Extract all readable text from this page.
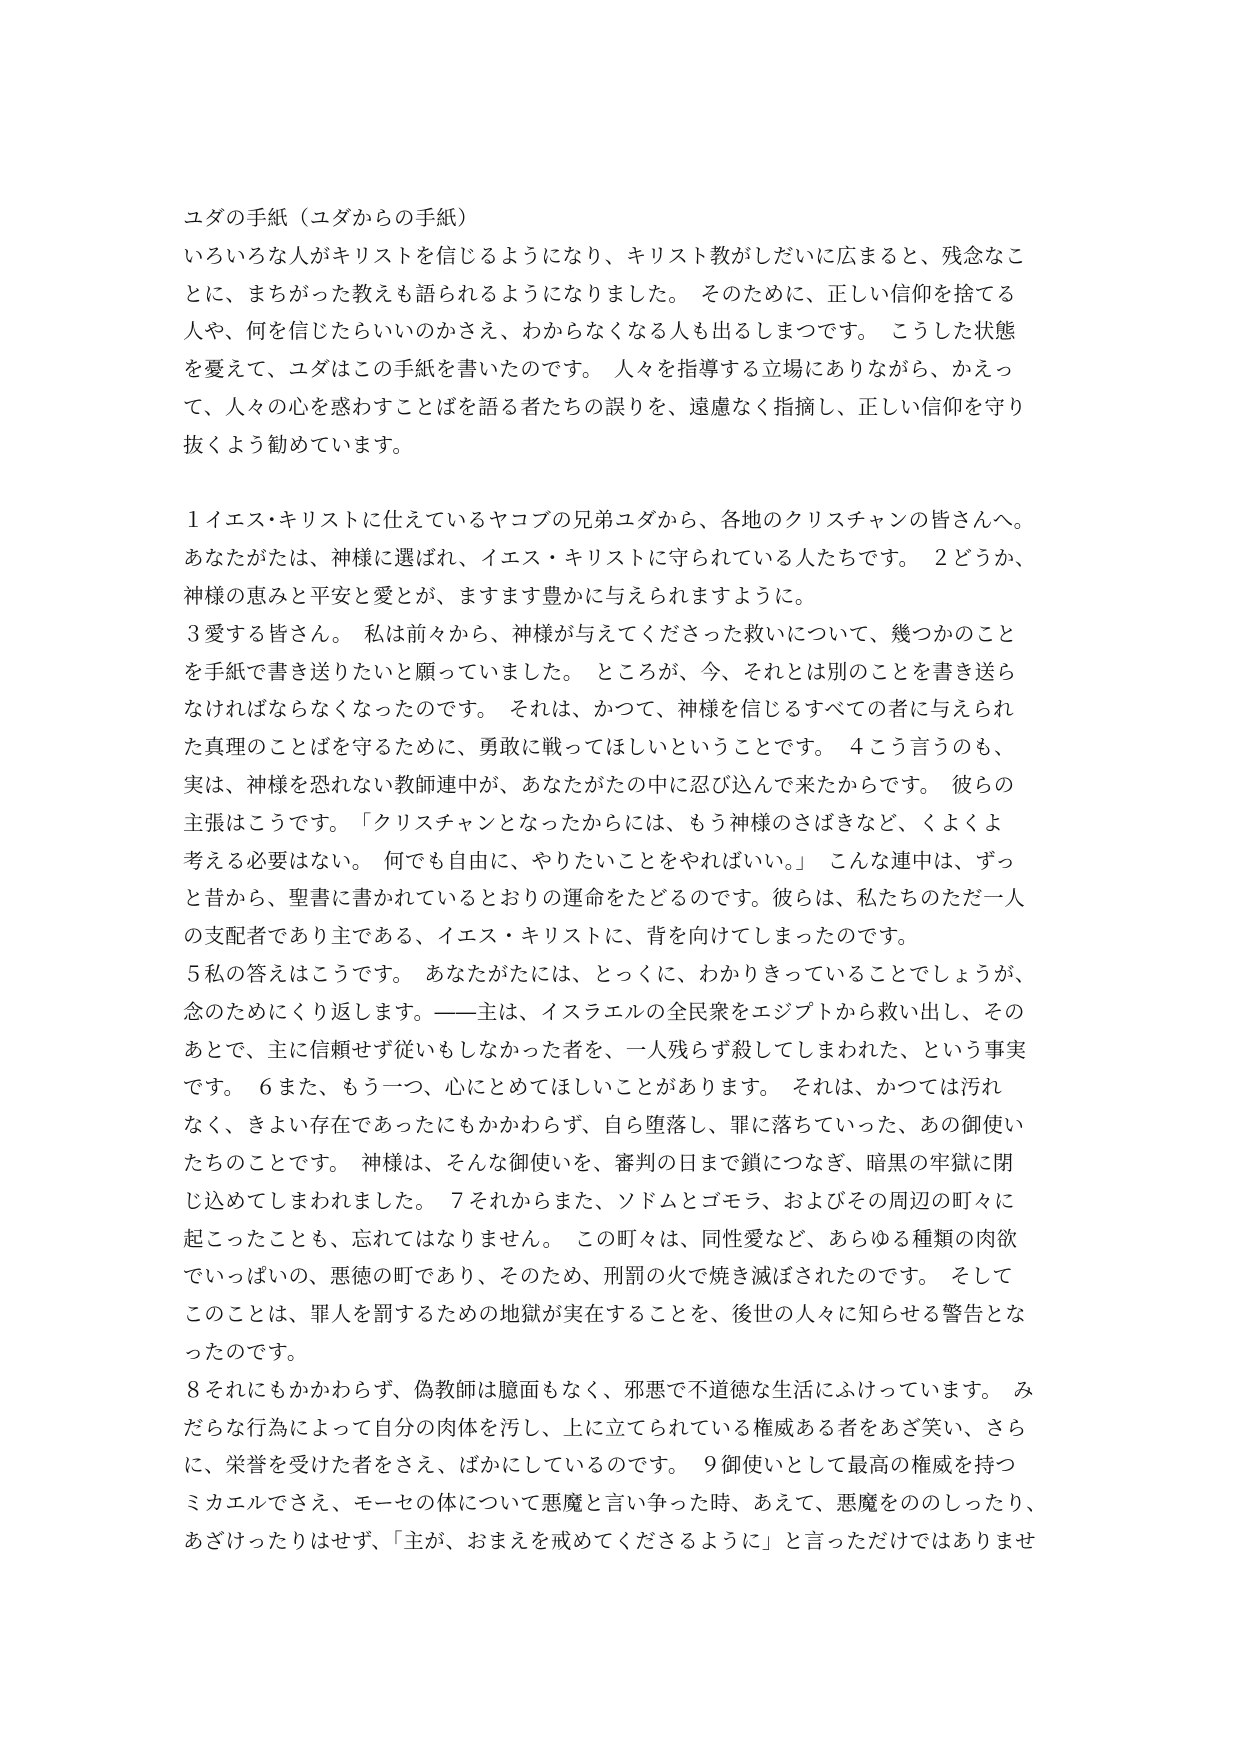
ユダの手紙（ユダからの手紙）
いろいろな人がキリストを信じるようになり、キリスト教がしだいに広まると、残念なこ
とに、まちがった教えも語られるようになりました。　そのために、正しい信仰を捨てる
人や、何を信じたらいいのかさえ、わからなくなる人も出るしまつです。　こうした状態
を憂えて、ユダはこの手紙を書いたのです。　人々を指導する立場にありながら、かえっ
て、人々の心を惑わすことばを語る者たちの誤りを、遠慮なく指摘し、正しい信仰を守り
抜くよう勧めています。
１イエス･キリストに仕えているヤコブの兄弟ユダから、各地のクリスチャンの皆さんへ。
あなたがたは、神様に選ばれ、イエス・キリストに守られている人たちです。　２どうか、
神様の恵みと平安と愛とが、ますます豊かに与えられますように。
３愛する皆さん。　私は前々から、神様が与えてくださった救いについて、幾つかのこと
を手紙で書き送りたいと願っていました。　ところが、今、それとは別のことを書き送ら
なければならなくなったのです。　それは、かつて、神様を信じるすべての者に与えられ
た真理のことばを守るために、勇敢に戦ってほしいということです。　４こう言うのも、
実は、神様を恐れない教師連中が、あなたがたの中に忍び込んで来たからです。　彼らの
主張はこうです。　「クリスチャンとなったからには、もう神様のさばきなど、くよくよ
考える必要はない。　何でも自由に、やりたいことをやればいい。」　こんな連中は、ずっ
と昔から、聖書に書かれているとおりの運命をたどるのです。彼らは、私たちのただ一人
の支配者であり主である、イエス・キリストに、背を向けてしまったのです。
５私の答えはこうです。　あなたがたには、とっくに、わかりきっていることでしょうが、
念のためにくり返します。――主は、イスラエルの全民衆をエジプトから救い出し、その
あとで、主に信頼せず従いもしなかった者を、一人残らず殺してしまわれた、という事実
です。　６また、もう一つ、心にとめてほしいことがあります。　それは、かつては汚れ
なく、きよい存在であったにもかかわらず、自ら堕落し、罪に落ちていった、あの御使い
たちのことです。　神様は、そんな御使いを、審判の日まで鎖につなぎ、暗黒の牢獄に閉
じ込めてしまわれました。　７それからまた、ソドムとゴモラ、およびその周辺の町々に
起こったことも、忘れてはなりません。　この町々は、同性愛など、あらゆる種類の肉欲
でいっぱいの、悪徳の町であり、そのため、刑罰の火で焼き滅ぼされたのです。　そして
このことは、罪人を罰するための地獄が実在することを、後世の人々に知らせる警告とな
ったのです。
８それにもかかわらず、偽教師は臆面もなく、邪悪で不道徳な生活にふけっています。　み
だらな行為によって自分の肉体を汚し、上に立てられている権威ある者をあざ笑い、さら
に、栄誉を受けた者をさえ、ばかにしているのです。　９御使いとして最高の権威を持つ
ミカエルでさえ、モーセの体について悪魔と言い争った時、あえて、悪魔をののしったり、
あざけったりはせず、「主が、おまえを戒めてくださるように」と言っただけではありませ
